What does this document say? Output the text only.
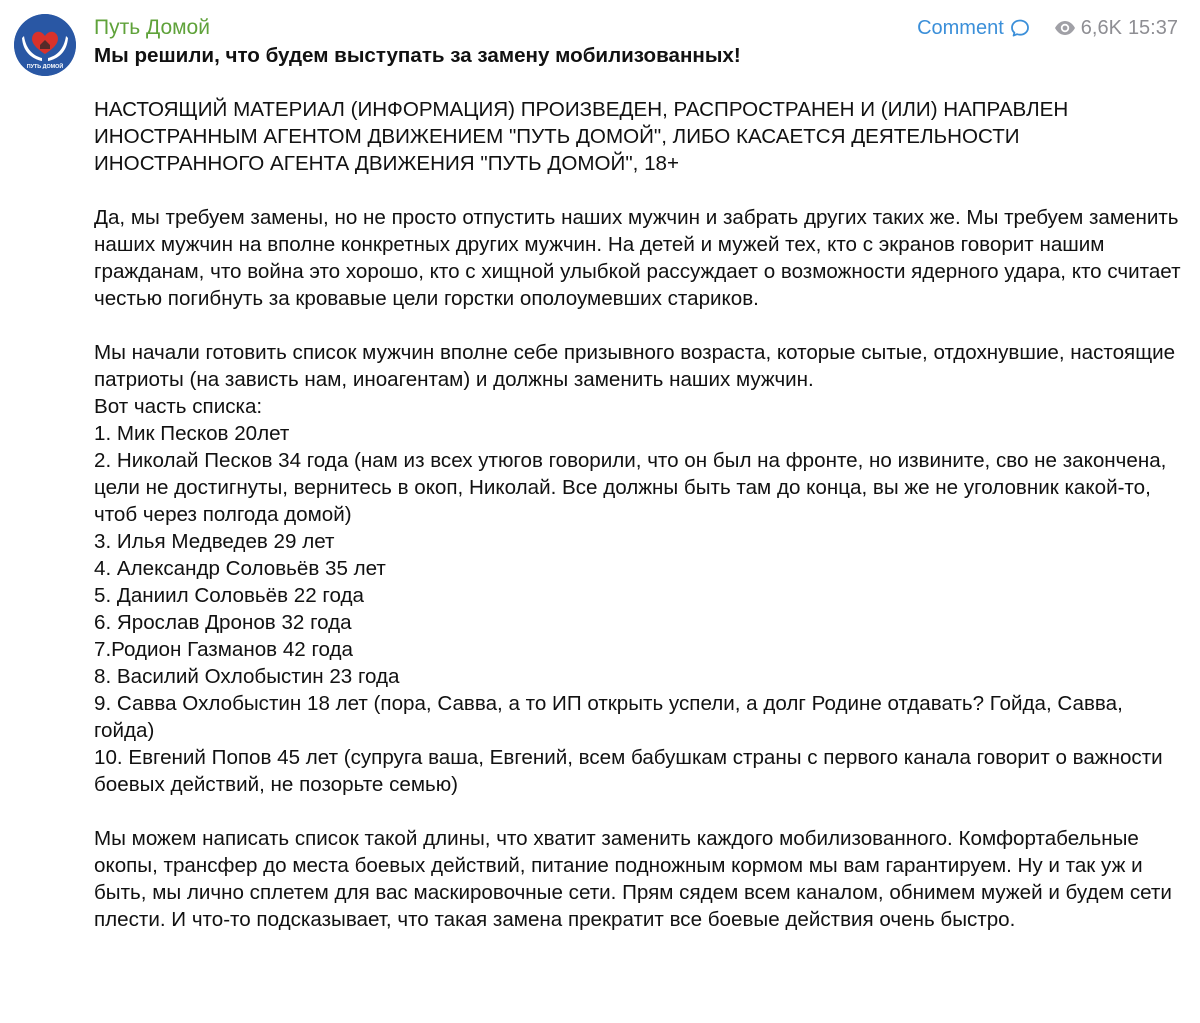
ПУТЬ ДОМОЙ
Путь Домой	Comment	6,6K 15:37

Мы решили, что будем выступать за замену мобилизованных!

НАСТОЯЩИЙ МАТЕРИАЛ (ИНФОРМАЦИЯ) ПРОИЗВЕДЕН, РАСПРОСТРАНЕН И (ИЛИ) НАПРАВЛЕН ИНОСТРАННЫМ АГЕНТОМ ДВИЖЕНИЕМ "ПУТЬ ДОМОЙ", ЛИБО КАСАЕТСЯ ДЕЯТЕЛЬНОСТИ ИНОСТРАННОГО АГЕНТА ДВИЖЕНИЯ "ПУТЬ ДОМОЙ", 18+

Да, мы требуем замены, но не просто отпустить наших мужчин и забрать других таких же. Мы требуем заменить наших мужчин на вполне конкретных других мужчин. На детей и мужей тех, кто с экранов говорит нашим гражданам, что война это хорошо, кто с хищной улыбкой рассуждает о возможности ядерного удара, кто считает честью погибнуть за кровавые цели горстки ополоумевших стариков.

Мы начали готовить список мужчин вполне себе призывного возраста, которые сытые, отдохнувшие, настоящие патриоты (на зависть нам, иноагентам) и должны заменить наших мужчин.

Вот часть списка:

1. Мик Песков 20лет

2. Николай Песков 34 года (нам из всех утюгов говорили, что он был на фронте, но извините, сво не закончена, цели не достигнуты, вернитесь в окоп, Николай. Все должны быть там до конца, вы же не уголовник какой-то, чтоб через полгода домой)

3. Илья Медведев 29 лет

4. Александр Соловьёв 35 лет

5. Даниил Соловьёв 22 года

6. Ярослав Дронов 32 года

7.Родион Газманов 42 года

8. Василий Охлобыстин 23 года

9. Савва Охлобыстин 18 лет (пора, Савва, а то ИП открыть успели, а долг Родине отдавать? Гойда, Савва, гойда)

10. Евгений Попов 45 лет (супруга ваша, Евгений, всем бабушкам страны с первого канала говорит о важности боевых действий, не позорьте семью)

Мы можем написать список такой длины, что хватит заменить каждого мобилизованного. Комфортабельные окопы, трансфер до места боевых действий, питание подножным кормом мы вам гарантируем. Ну и так уж и быть, мы лично сплетем для вас маскировочные сети. Прям сядем всем каналом, обнимем мужей и будем сети плести. И что-то подсказывает, что такая замена прекратит все боевые действия очень быстро.
